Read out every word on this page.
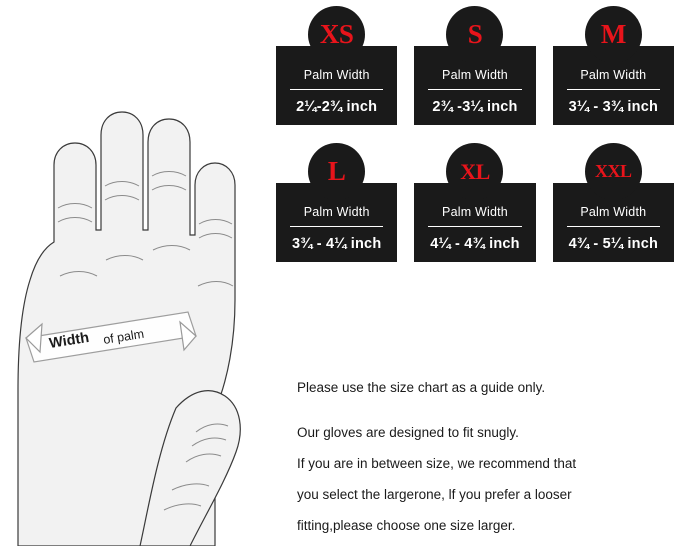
Width of palm
XS
Palm Width
2¼-2¾ inch
S
Palm Width
2¾ -3¼ inch
M
Palm Width
3¼ - 3¾ inch
L
Palm Width
3¾ - 4¼ inch
XL
Palm Width
4¼ - 4¾ inch
XXL
Palm Width
4¾ - 5¼ inch

Please use the size chart as a guide only.

Our gloves are designed to fit snugly.

If you are in between size, we recommend that

you select the largerone, lf you prefer a looser

fitting,please choose one size larger.
